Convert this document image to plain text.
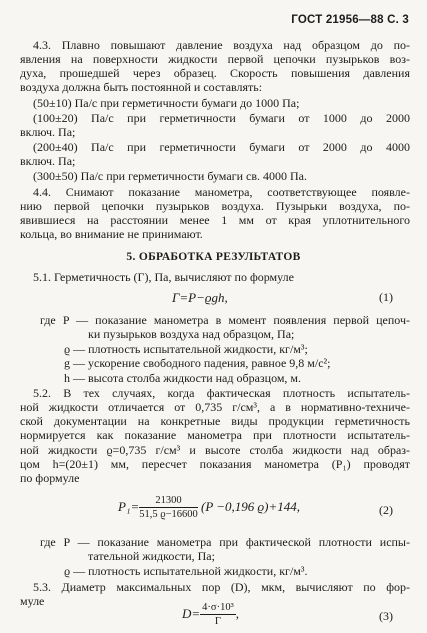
ГОСТ 21956—88 С. 3
4.3. Плавно повышают давление воздуха над образцом до по-
явления на поверхности жидкости первой цепочки пузырьков воз-
духа, прошедшей через образец. Скорость повышения давления
воздуха должна быть постоянной и составлять:
(50±10) Па/с при герметичности бумаги до 1000 Па;
(100±20) Па/с при герметичности бумаги от 1000 до 2000
включ. Па;
(200±40) Па/с при герметичности бумаги от 2000 до 4000
включ. Па;
(300±50) Па/с при герметичности бумаги св. 4000 Па.
4.4. Снимают показание манометра, соответствующее появле-
нию первой цепочки пузырьков воздуха. Пузырьки воздуха, по-
явившиеся на расстоянии менее 1 мм от края уплотнительного
кольца, во внимание не принимают.
5. ОБРАБОТКА РЕЗУЛЬТАТОВ
5.1. Герметичность (Г), Па, вычисляют по формуле
Г=P−ϱgh,	(1)
где P — показание манометра в момент появления первой цепоч-
ки пузырьков воздуха над образцом, Па;
ϱ — плотность испытательной жидкости, кг/м³;
g — ускорение свободного падения, равное 9,8 м/с²;
h — высота столба жидкости над образцом, м.
5.2. В тех случаях, когда фактическая плотность испытатель-
ной жидкости отличается от 0,735 г/см³, а в нормативно-техниче-
ской документации на конкретные виды продукции герметичность
нормируется как показание манометра при плотности испытатель-
ной жидкости ϱ=0,735 г/см³ и высоте столба жидкости над образ-
цом h=(20±1) мм, пересчет показания манометра (P₁) проводят
по формуле
$P_1= \frac{21300}{51,5 ϱ-16600} (P -0,196$ ϱ)+144,	(2)
где P — показание манометра при фактической плотности испы-
тательной жидкости, Па;
ϱ — плотность испытательной жидкости, кг/м³.
5.3. Диаметр максимальных пор (D), мкм, вычисляют по фор-
муле
$D= \frac{\text{4·σ·10³}}{Г}$ ,	(3)
